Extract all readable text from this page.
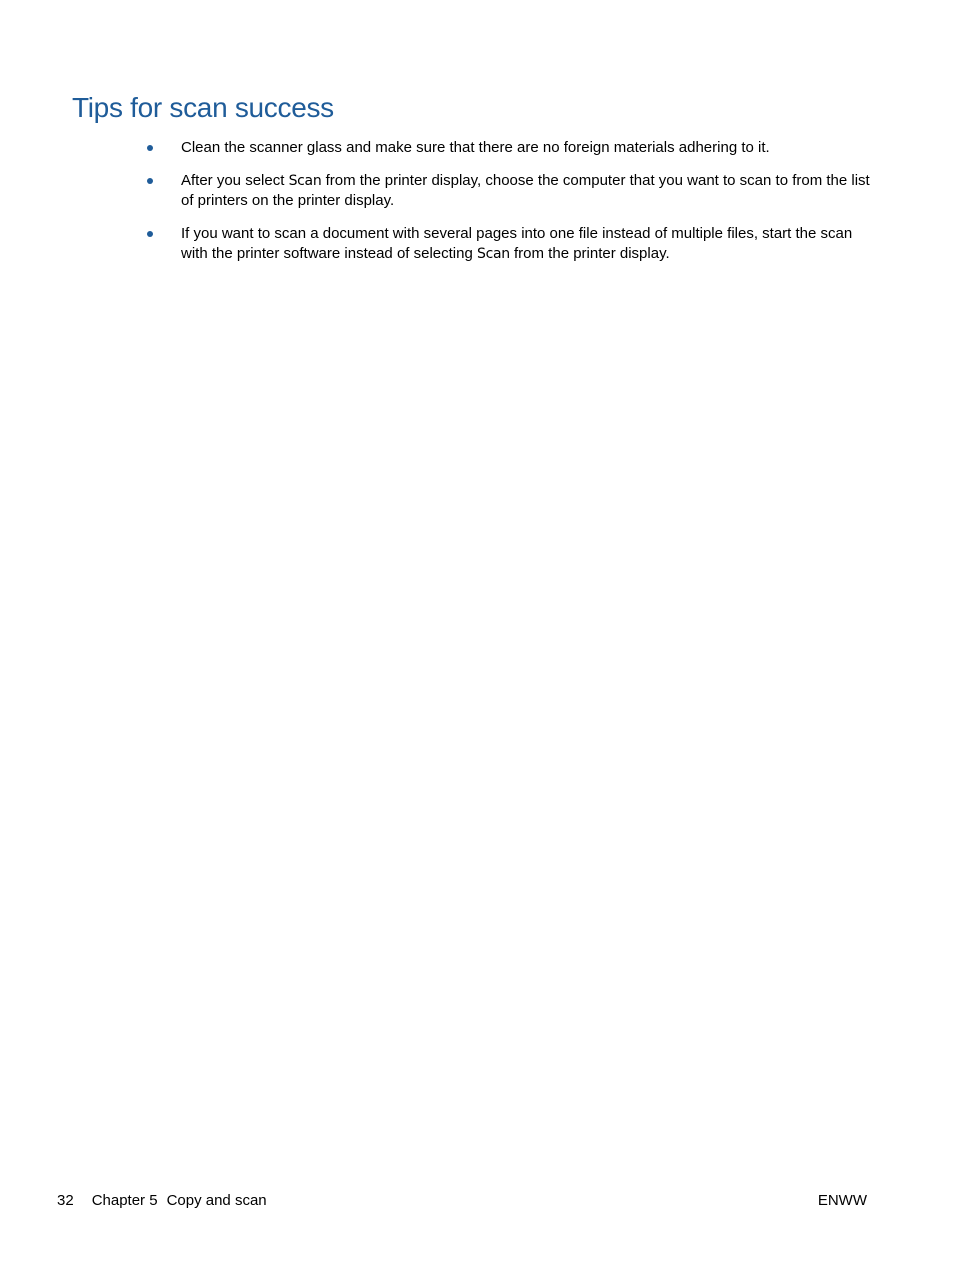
Tips for scan success
Clean the scanner glass and make sure that there are no foreign materials adhering to it.
After you select Scan from the printer display, choose the computer that you want to scan to from the list of printers on the printer display.
If you want to scan a document with several pages into one file instead of multiple files, start the scan with the printer software instead of selecting Scan from the printer display.
32 Chapter 5 Copy and scan	ENWW
